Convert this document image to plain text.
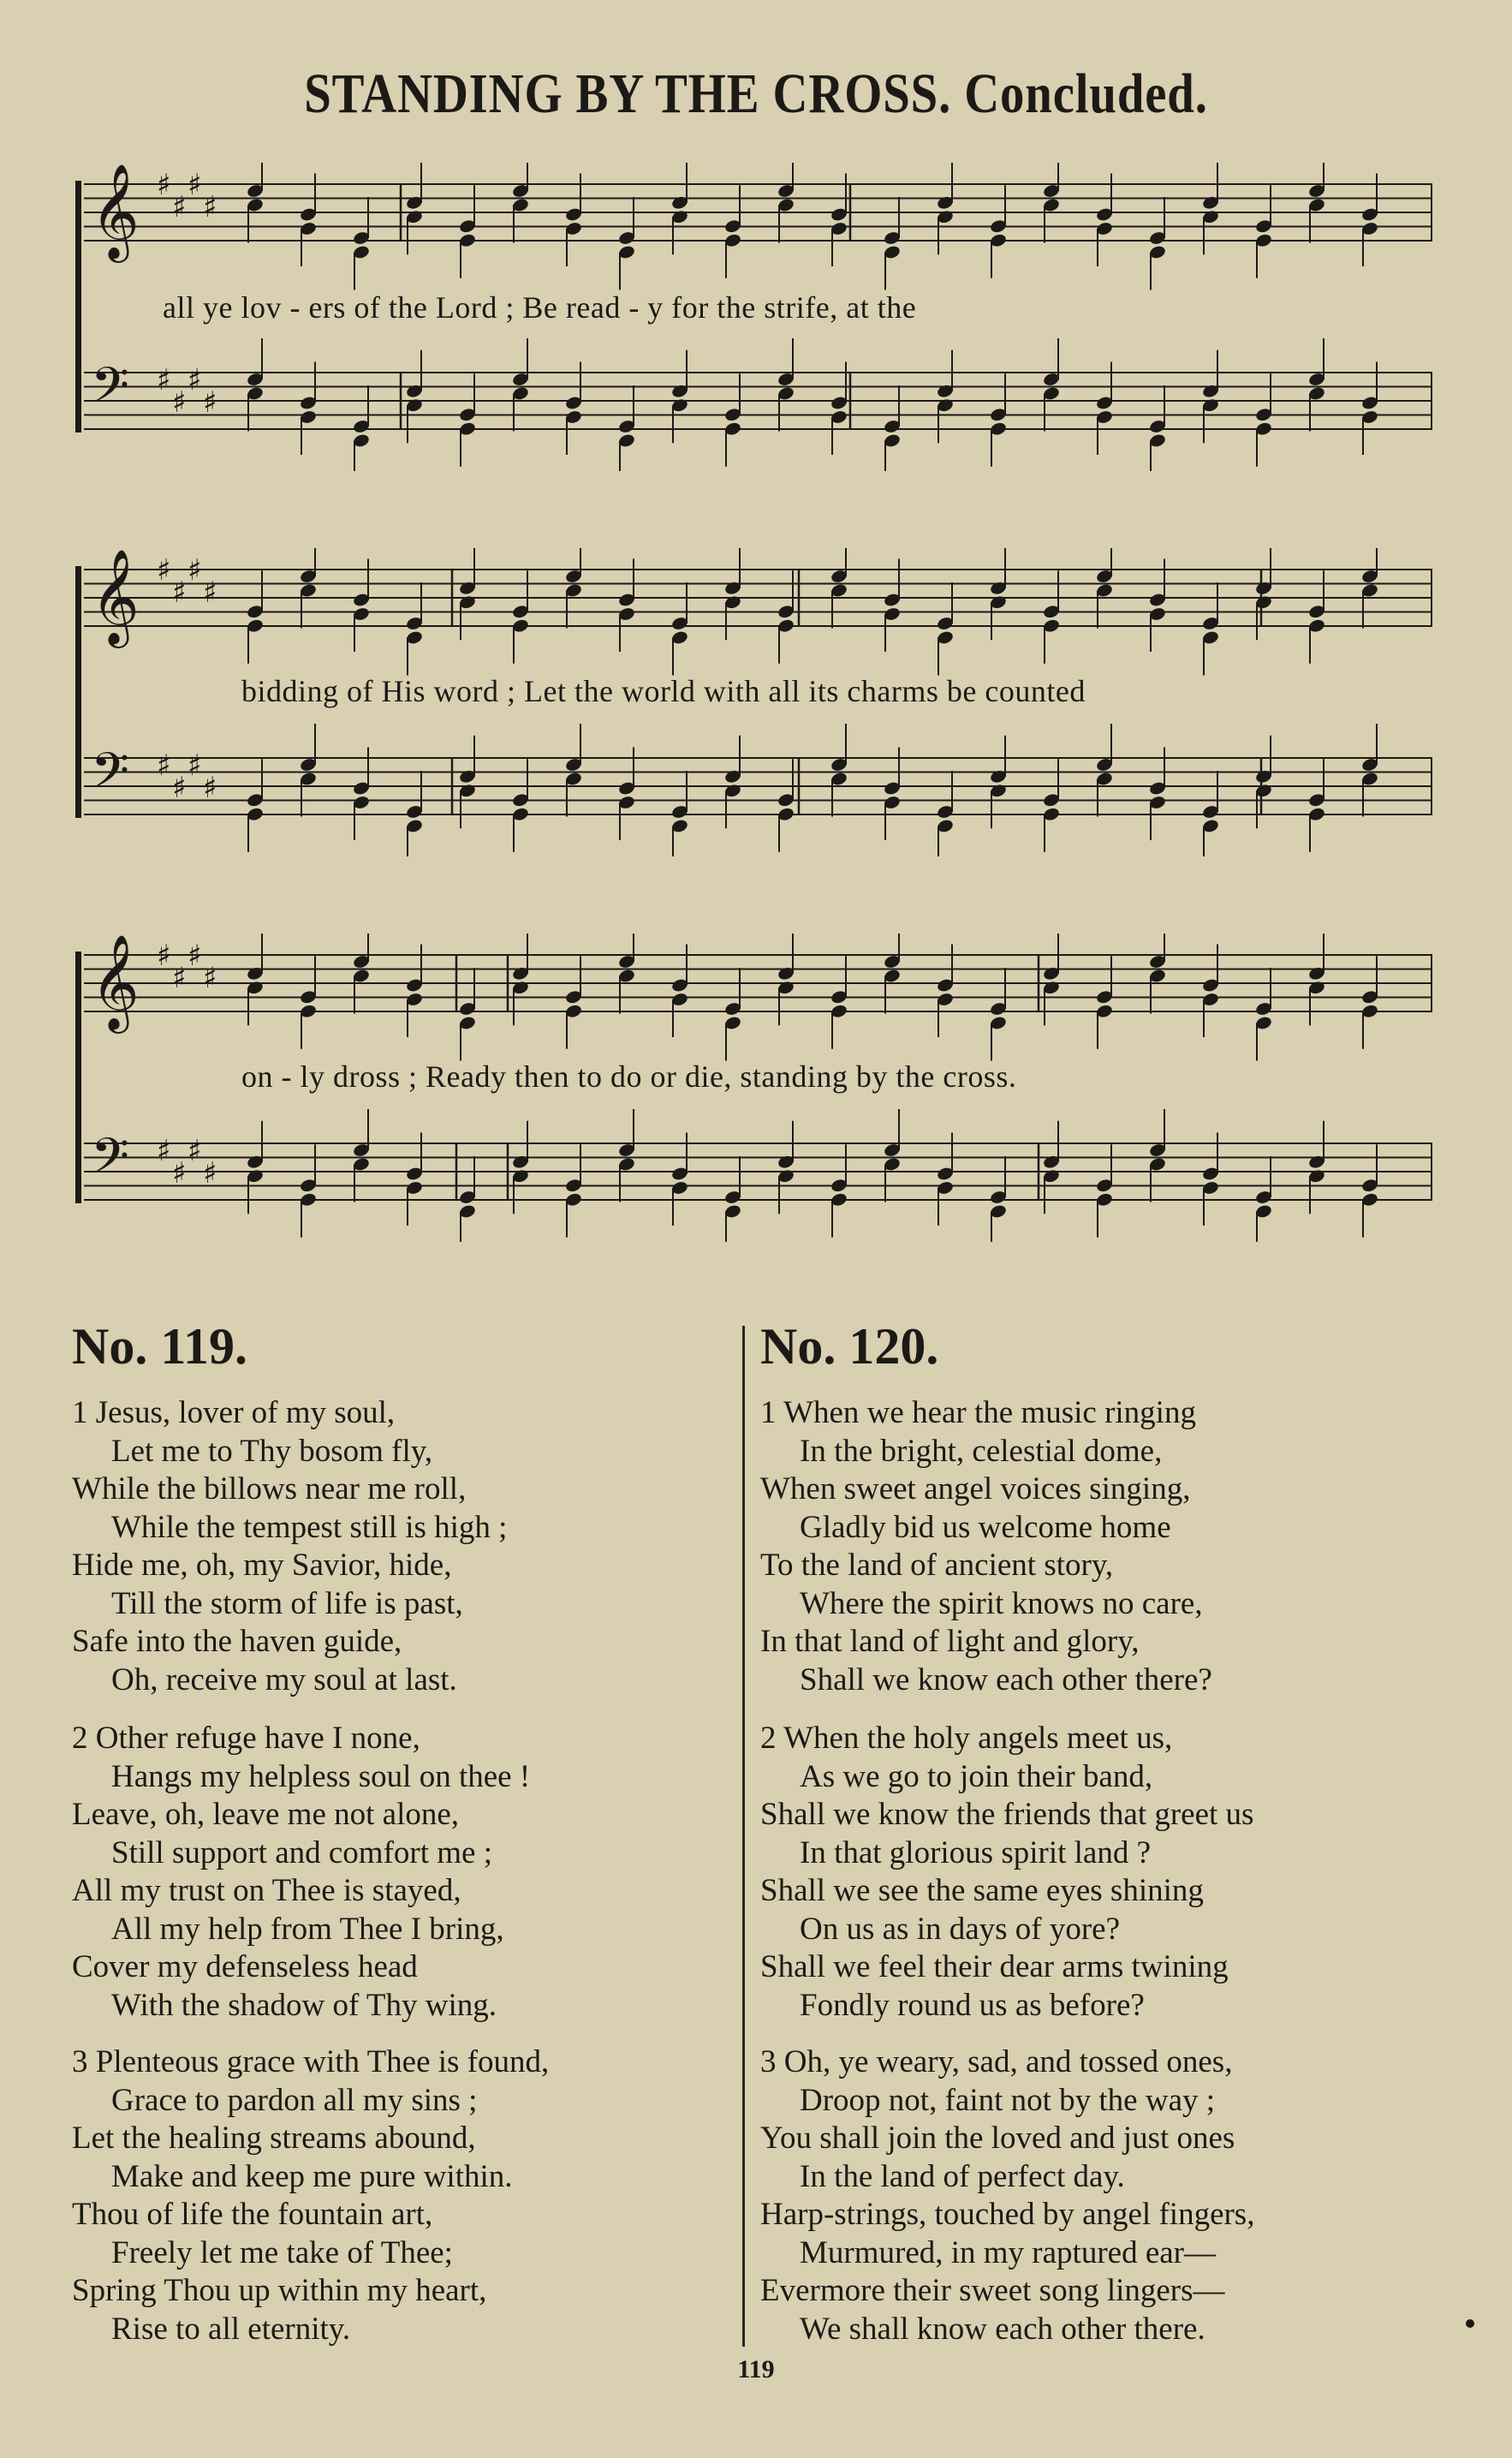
STANDING BY THE CROSS. Concluded.
𝄞 ♯
♯
♯
♯
𝄢 ♯
♯
♯
♯
all ye lov - ers of the Lord ; Be read - y for the strife, at the
𝄞 ♯
♯
♯
♯
𝄢 ♯
♯
♯
♯
bidding of His word ; Let the world with all its charms be counted
𝄞 ♯
♯
♯
♯
𝄢 ♯
♯
♯
♯
on - ly dross ; Ready then to do or die, standing by the cross.
No. 119.	No. 120.
1 Jesus, lover of my soul,
Let me to Thy bosom fly,
While the billows near me roll,
While the tempest still is high ;
Hide me, oh, my Savior, hide,
Till the storm of life is past,
Safe into the haven guide,
Oh, receive my soul at last.
2 Other refuge have I none,
Hangs my helpless soul on thee !
Leave, oh, leave me not alone,
Still support and comfort me ;
All my trust on Thee is stayed,
All my help from Thee I bring,
Cover my defenseless head
With the shadow of Thy wing.
3 Plenteous grace with Thee is found,
Grace to pardon all my sins ;
Let the healing streams abound,
Make and keep me pure within.
Thou of life the fountain art,
Freely let me take of Thee;
Spring Thou up within my heart,
Rise to all eternity.
1 When we hear the music ringing
In the bright, celestial dome,
When sweet angel voices singing,
Gladly bid us welcome home
To the land of ancient story,
Where the spirit knows no care,
In that land of light and glory,
Shall we know each other there?
2 When the holy angels meet us,
As we go to join their band,
Shall we know the friends that greet us
In that glorious spirit land ?
Shall we see the same eyes shining
On us as in days of yore?
Shall we feel their dear arms twining
Fondly round us as before?
3 Oh, ye weary, sad, and tossed ones,
Droop not, faint not by the way ;
You shall join the loved and just ones
In the land of perfect day.
Harp-strings, touched by angel fingers,
Murmured, in my raptured ear—
Evermore their sweet song lingers—
We shall know each other there.
119
